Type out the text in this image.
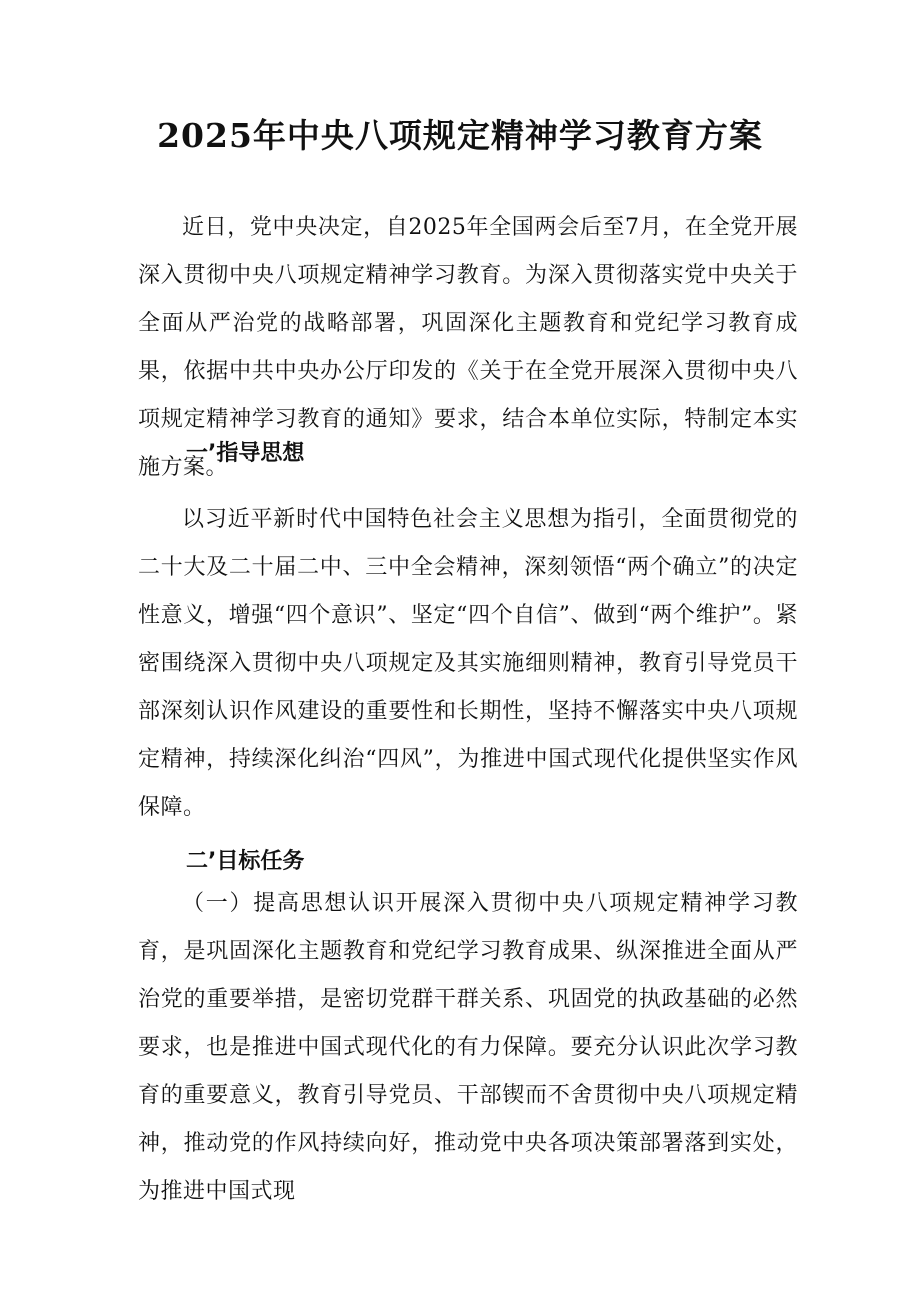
2025年中央八项规定精神学习教育方案
近日，党中央决定，自2025年全国两会后至7月，在全党开展深入贯彻中央八项规定精神学习教育。为深入贯彻落实党中央关于全面从严治党的战略部署，巩固深化主题教育和党纪学习教育成果，依据中共中央办公厅印发的《关于在全党开展深入贯彻中央八项规定精神学习教育的通知》要求，结合本单位实际，特制定本实施方案。
一’指导思想
以习近平新时代中国特色社会主义思想为指引，全面贯彻党的二十大及二十届二中、三中全会精神，深刻领悟“两个确立”的决定性意义，增强“四个意识”、坚定“四个自信”、做到“两个维护”。紧密围绕深入贯彻中央八项规定及其实施细则精神，教育引导党员干部深刻认识作风建设的重要性和长期性，坚持不懈落实中央八项规定精神，持续深化纠治“四风”，为推进中国式现代化提供坚实作风保障。
二’目标任务
（一）提高思想认识开展深入贯彻中央八项规定精神学习教育，是巩固深化主题教育和党纪学习教育成果、纵深推进全面从严治党的重要举措，是密切党群干群关系、巩固党的执政基础的必然要求，也是推进中国式现代化的有力保障。要充分认识此次学习教育的重要意义，教育引导党员、干部锲而不舍贯彻中央八项规定精神，推动党的作风持续向好，推动党中央各项决策部署落到实处，为推进中国式现
